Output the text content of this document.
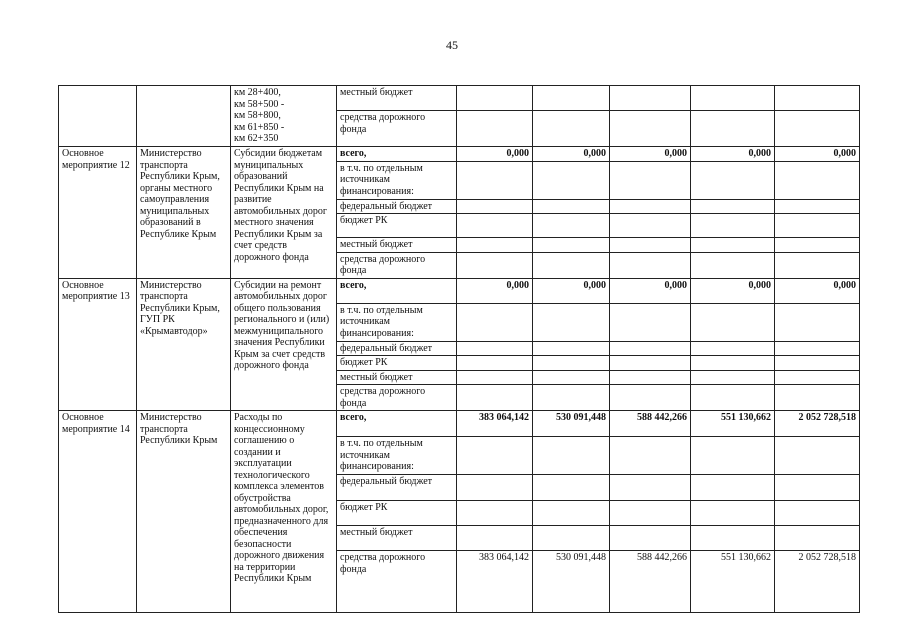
45
		км 28+400,
км 58+500 -
км 58+800,
км 61+850 -
км 62+350	местный бюджет					
			средства дорожного фонда					
Основное мероприятие 12	Министерство транспорта Республики Крым, органы местного самоуправления муниципальных образований в Республике Крым	Субсидии бюджетам муниципальных образований Республики Крым на развитие автомобильных дорог местного значения Республики Крым за счет средств дорожного фонда	всего,	0,000	0,000	0,000	0,000	0,000
			в т.ч. по отдельным источникам финансирования:					
			федеральный бюджет					
			бюджет РК					
			местный бюджет					
			средства дорожного фонда					
Основное мероприятие 13	Министерство транспорта Республики Крым, ГУП РК «Крымавтодор»	Субсидии на ремонт автомобильных дорог общего пользования регионального и (или) межмуниципального значения Республики Крым за счет средств дорожного фонда	всего,	0,000	0,000	0,000	0,000	0,000
			в т.ч. по отдельным источникам финансирования:					
			федеральный бюджет					
			бюджет РК					
			местный бюджет					
			средства дорожного фонда					
Основное мероприятие 14	Министерство транспорта Республики Крым	Расходы по концессионному соглашению о создании и эксплуатации технологического комплекса элементов обустройства автомобильных дорог, предназначенного для обеспечения безопасности дорожного движения на территории Республики Крым	всего,	383 064,142	530 091,448	588 442,266	551 130,662	2 052 728,518
			в т.ч. по отдельным источникам финансирования:					
			федеральный бюджет					
			бюджет РК					
			местный бюджет					
			средства дорожного фонда	383 064,142	530 091,448	588 442,266	551 130,662	2 052 728,518
